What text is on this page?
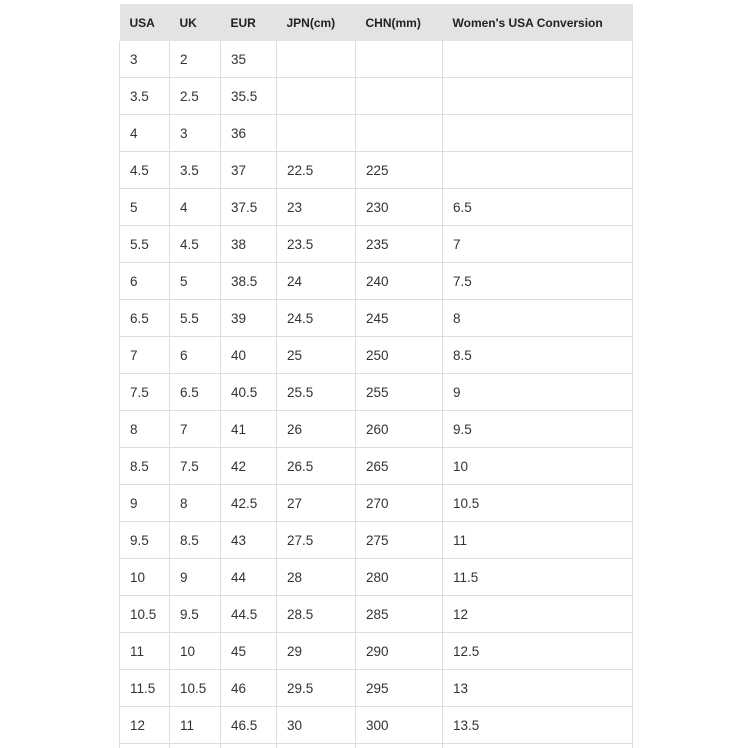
USA	UK	EUR	JPN(cm)	CHN(mm)	Women's USA Conversion
3	2	35			
3.5	2.5	35.5			
4	3	36			
4.5	3.5	37	22.5	225	
5	4	37.5	23	230	6.5
5.5	4.5	38	23.5	235	7
6	5	38.5	24	240	7.5
6.5	5.5	39	24.5	245	8
7	6	40	25	250	8.5
7.5	6.5	40.5	25.5	255	9
8	7	41	26	260	9.5
8.5	7.5	42	26.5	265	10
9	8	42.5	27	270	10.5
9.5	8.5	43	27.5	275	11
10	9	44	28	280	11.5
10.5	9.5	44.5	28.5	285	12
11	10	45	29	290	12.5
11.5	10.5	46	29.5	295	13
12	11	46.5	30	300	13.5
